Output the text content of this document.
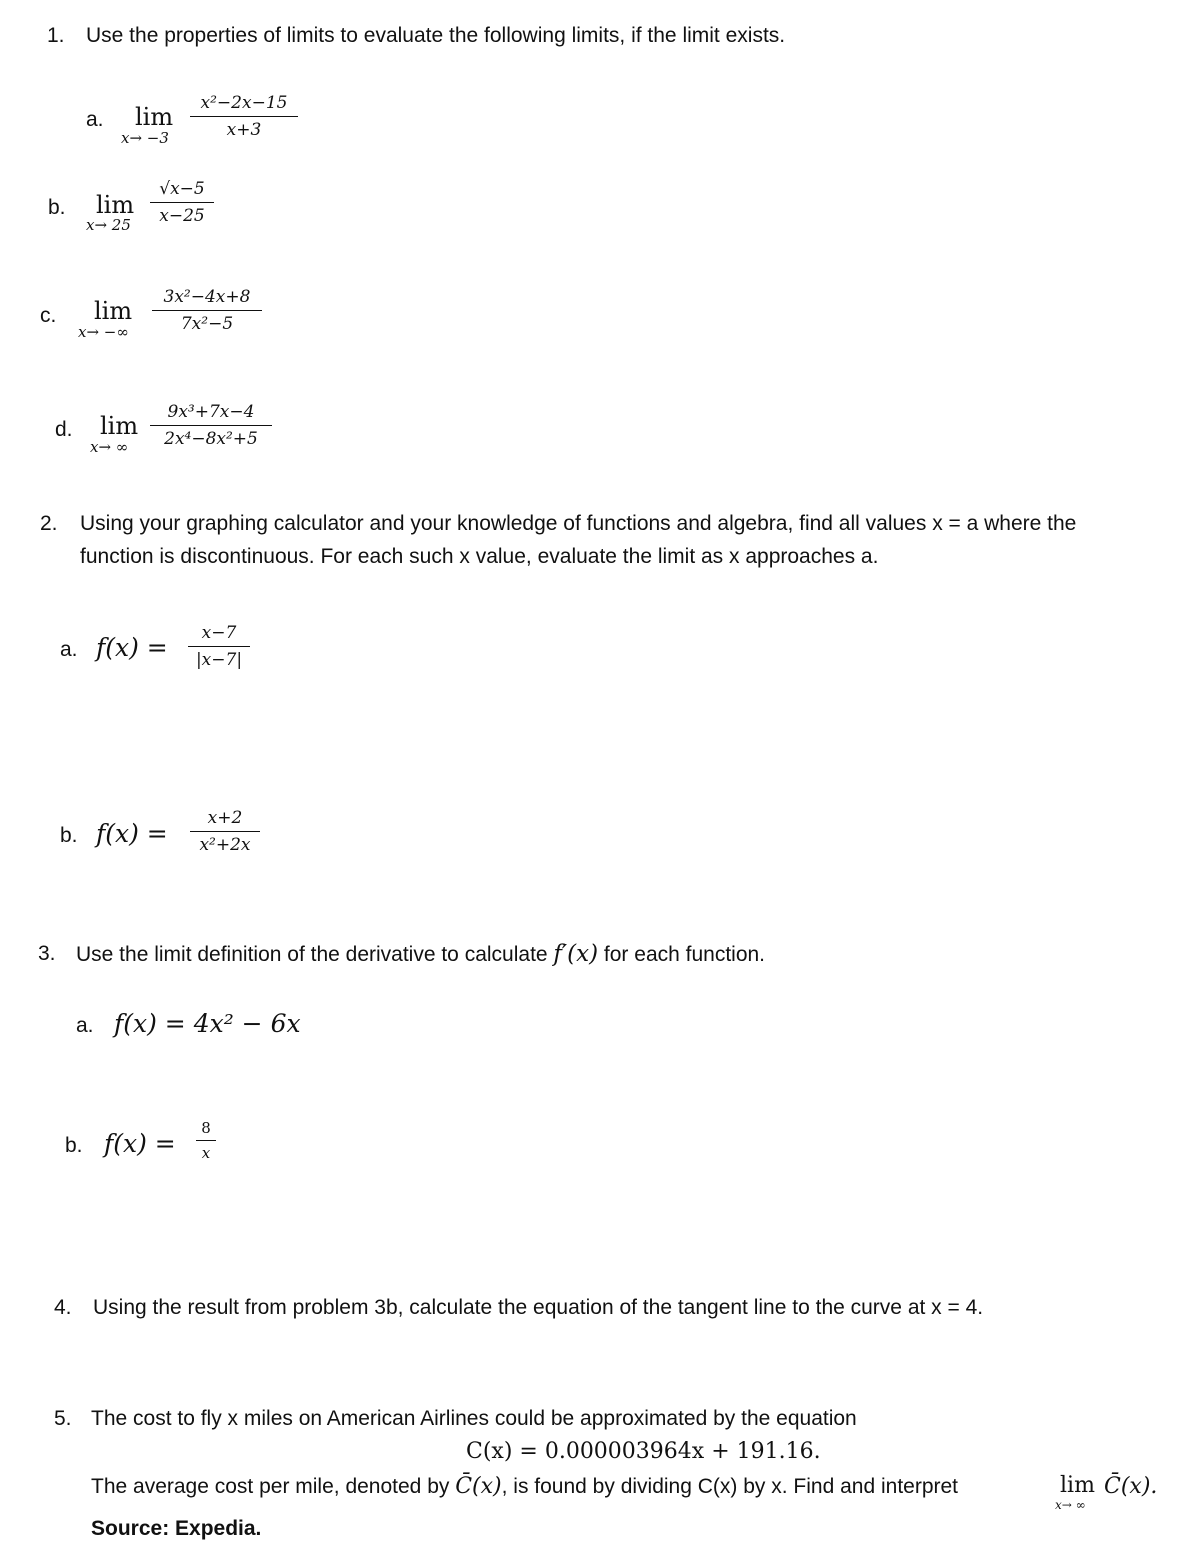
1. Use the properties of limits to evaluate the following limits, if the limit exists.
a. lim
x→ −3
x²−2x−15
x+3
b. lim
x→ 25
√x−5
x−25
c. lim
x→ −∞
3x²−4x+8
7x²−5
d. lim
x→ ∞
9x³+7x−4
2x⁴−8x²+5
2. Using your graphing calculator and your knowledge of functions and algebra, find all values x = a where the
function is discontinuous. For each such x value, evaluate the limit as x approaches a.
a. f(x) =	x−7
|x−7|
b. f(x) =
x+2
x²+2x
3. Use the limit definition of the derivative to calculate f′(x) for each function.
a. f(x) = 4x² − 6x
b. f(x) =
8
x
4. Using the result from problem 3b, calculate the equation of the tangent line to the curve at x = 4.
5. The cost to fly x miles on American Airlines could be approximated by the equation
C(x) = 0.000003964x + 191.16.
The average cost per mile, denoted by C̄(x), is found by dividing C(x) by x. Find and interpret	lim
x→ ∞
C̄(x).
Source: Expedia.
